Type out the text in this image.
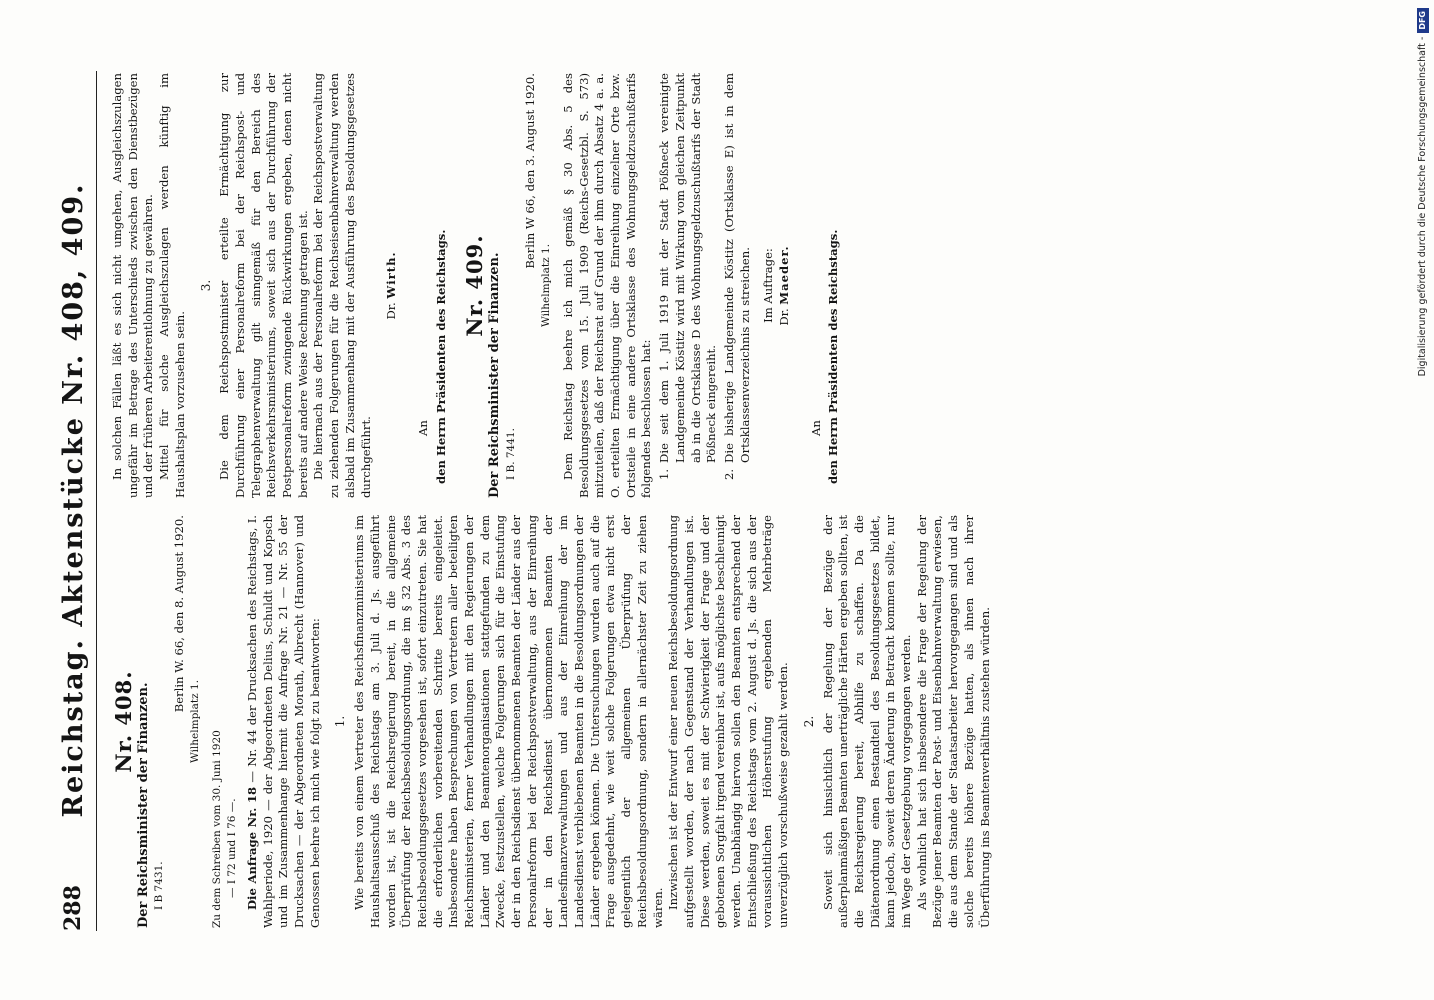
288
Reichstag. Aktenstücke Nr. 408, 409. Nr. 408. Der Reichsminister der Finanzen. I B 7431.
Berlin W. 66, den 8. August 1920.
Wilhelmplatz 1.

Zu dem Schreiben vom 30. Juni 1920 — I 72 und I 76 —. Die Anfrage Nr. 18 — Nr. 44 der Drucksachen des Reichstags, I. Wahlperiode, 1920 — der Abgeordneten Delius, Schuldt und Kopsch und im Zusammenhange hiermit die Anfrage Nr. 21 — Nr. 55 der Drucksachen — der Abgeordneten Morath, Albrecht (Hannover) und Genossen beehre ich mich wie folgt zu beantworten: 1. Wie bereits von einem Vertreter des Reichsfinanzministeriums im Haushaltsausschuß des Reichstags am 3. Juli d. Js. ausgeführt worden ist, ist die Reichsregierung bereit, in die allgemeine Überprüfung der Reichsbesoldungsordnung, die im § 32 Abs. 3 des Reichsbesoldungsgesetzes vorgesehen ist, sofort einzutreten. Sie hat die erforderlichen vorbereitenden Schritte bereits eingeleitet. Insbesondere haben Besprechungen von Vertretern aller beteiligten Reichsministerien, ferner Verhandlungen mit den Regierungen der Länder und den Beamtenorganisationen stattgefunden zu dem Zwecke, festzustellen, welche Folgerungen sich für die Einstufung der in den Reichsdienst übernommenen Beamten der Länder aus der Personalreform bei der Reichspostverwaltung, aus der Einreihung der in den Reichsdienst übernommenen Beamten der Landesfinanzverwaltungen und aus der Einreihung der im Landesdienst verbliebenen Beamten in die Besoldungsordnungen der Länder ergeben können. Die Untersuchungen wurden auch auf die Frage ausgedehnt, wie weit solche Folgerungen etwa nicht erst gelegentlich der allgemeinen Überprüfung der Reichsbesoldungsordnung, sondern in allernächster Zeit zu ziehen wären. Inzwischen ist der Entwurf einer neuen Reichsbesoldungsordnung aufgestellt worden, der nach Gegenstand der Verhandlungen ist. Diese werden, soweit es mit der Schwierigkeit der Frage und der gebotenen Sorgfalt irgend vereinbar ist, aufs möglichste beschleunigt werden. Unabhängig hiervon sollen den Beamten entsprechend der Entschließung des Reichstags vom 2. August d. Js. die sich aus der voraussichtlichen Höherstufung ergebenden Mehrbeträge unverzüglich vorschußweise gezahlt werden. 2. Soweit sich hinsichtlich der Regelung der Bezüge der außerplanmäßigen Beamten unerträgliche Härten ergeben sollten, ist die Reichsregierung bereit, Abhilfe zu schaffen. Da die Diätenordnung einen Bestandteil des Besoldungsgesetzes bildet, kann jedoch, soweit deren Änderung in Betracht kommen sollte, nur im Wege der Gesetzgebung vorgegangen werden. Als wohnlich hat sich insbesondere die Frage der Regelung der Bezüge jener Beamten der Post- und Eisenbahnverwaltung erwiesen, die aus dem Stande der Staatsarbeiter hervorgegangen sind und als solche bereits höhere Bezüge hatten, als ihnen nach ihrer Überführung ins Beamtenverhältnis zustehen würden.

In solchen Fällen läßt es sich nicht umgehen, Ausgleichszulagen ungefähr im Betrage des Unterschieds zwischen den Dienstbezügen und der früheren Arbeiterentlohnung zu gewähren. Mittel für solche Ausgleichszulagen werden künftig im Haushaltsplan vorzusehen sein.

3. Die dem Reichspostminister erteilte Ermächtigung zur Durchführung einer Personalreform bei der Reichspost- und Telegraphenverwaltung gilt sinngemäß für den Bereich des Reichsverkehrsministeriums, soweit sich aus der Durchführung der Postpersonalreform zwingende Rückwirkungen ergeben, denen nicht bereits auf andere Weise Rechnung getragen ist. Die hiernach aus der Personalreform bei der Reichspostverwaltung zu ziehenden Folgerungen für die Reichseisenbahnverwaltung werden alsbald im Zusammenhang mit der Ausführung des Besoldungsgesetzes durchgeführt.

Dr. Wirth.
An den Herrn Präsidenten des Reichstags. Nr. 409. Der Reichsminister der Finanzen. I B. 7441.
Berlin W 66, den 3. August 1920.
Wilhelmplatz 1. Dem Reichstag beehre ich mich gemäß § 30 Abs. 5 des Besoldungsgesetzes vom 15. Juli 1909 (Reichs-Gesetzbl. S. 573) mitzuteilen, daß der Reichsrat auf Grund der ihm durch Absatz 4 a. a. O. erteilten Ermächtigung über die Einreihung einzelner Orte bzw. Ortsteile in eine andere Ortsklasse des Wohnungsgeldzuschußtarifs folgendes beschlossen hat: 1.
Die seit dem 1. Juli 1919 mit der Stadt Pößneck vereinigte Landgemeinde Köstitz wird mit Wirkung vom gleichen Zeitpunkt ab in die Ortsklasse D des Wohnungsgeldzuschußtarifs der Stadt Pößneck eingereiht.
2.
Die bisherige Landgemeinde Köstitz (Ortsklasse E) ist in dem Ortsklassenverzeichnis zu streichen. Im Auftrage: Dr. Maeder.
An den Herrn Präsidenten des Reichstags.	Digitalisierung gefördert durch die Deutsche Forschungsgemeinschaft -DFG
